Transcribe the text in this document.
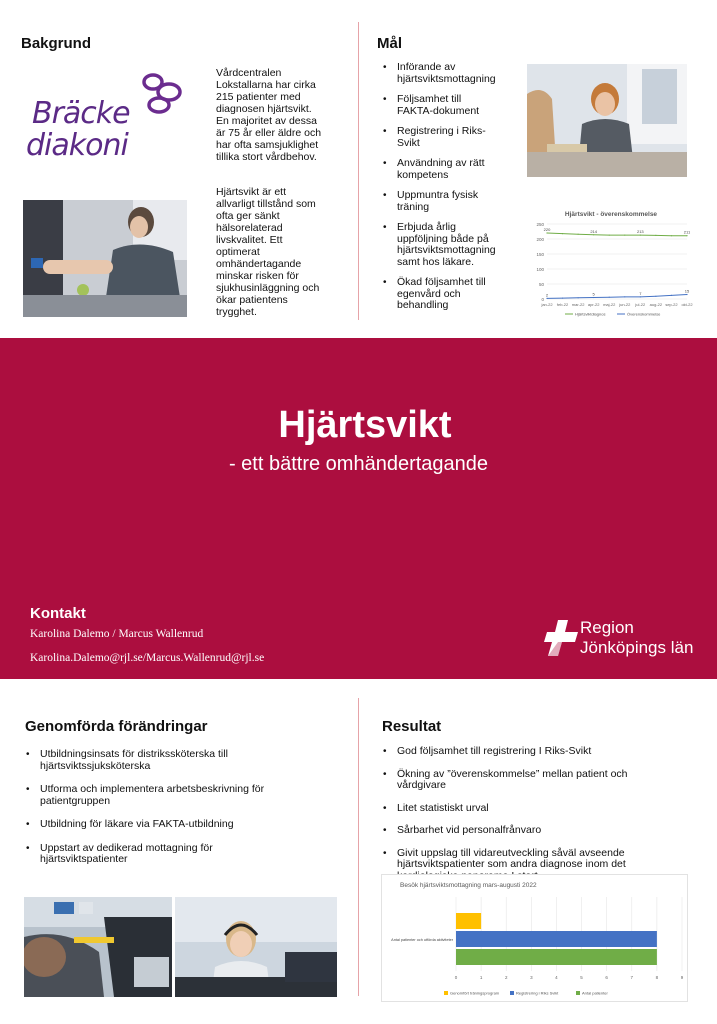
Bakgrund
Bräcke
diakoni
Vårdcentralen
Lokstallarna har cirka
215 patienter med
diagnosen hjärtsvikt.
En majoritet av dessa
är 75 år eller äldre och
har ofta samsjuklighet
tillika stort vårdbehov.
Hjärtsvikt är ett
allvarligt tillstånd som
ofta ger sänkt
hälsorelaterad
livskvalitet. Ett
optimerat
omhändertagande
minskar risken för
sjukhusinläggning och
ökar patientens
trygghet.
Mål
• Införande av
hjärtsviktsmottagning
• Följsamhet till
FAKTA-dokument
• Registrering i Riks-
Svikt
• Användning av rätt
kompetens
• Uppmuntra fysisk
träning
• Erbjuda årlig
uppföljning både på
hjärtsviktsmottagning
samt hos läkare.
• Ökad följsamhet till
egenvård och
behandling
Hjärtsvikt - överenskommelse
0
50
100
150
200
250
jan-22 feb-22 mar-22 apr-22 maj-22 jun-22 jul-22 aug-22 sep-22 okt-22
220	214	213	211
2	5	7	15
Hjärtsviktdiagnos	Överenskommelse
Hjärtsvikt
- ett bättre omhändertagande
Kontakt
Karolina Dalemo / Marcus Wallenrud
Karolina.Dalemo@rjl.se/Marcus.Wallenrud@rjl.se
Region
Jönköpings län
Genomförda förändringar
• Utbildningsinsats för distrikssköterska till
hjärtsviktssjuksköterska
• Utforma och implementera arbetsbeskrivning för
patientgruppen
• Utbildning för läkare via FAKTA-utbildning
• Uppstart av dedikerad mottagning för
hjärtsviktspatienter
Resultat
• God följsamhet till registrering I Riks-Svikt
• Ökning av ”överenskommelse” mellan patient och
vårdgivare
• Litet statistiskt urval
• Sårbarhet vid personalfrånvaro
• Givit uppslag till vidareutveckling såväl avseende
hjärtsviktspatienter som andra diagnose inom det
Besök hjärtsviktsmottagning mars-augusti 2022
0	1	2	3	4	5	6	7	8	9
Antal patienter och utförda aktiviteter
Genomfört träningsprogram	Registrering i Riks Svikt	Antal patienter
